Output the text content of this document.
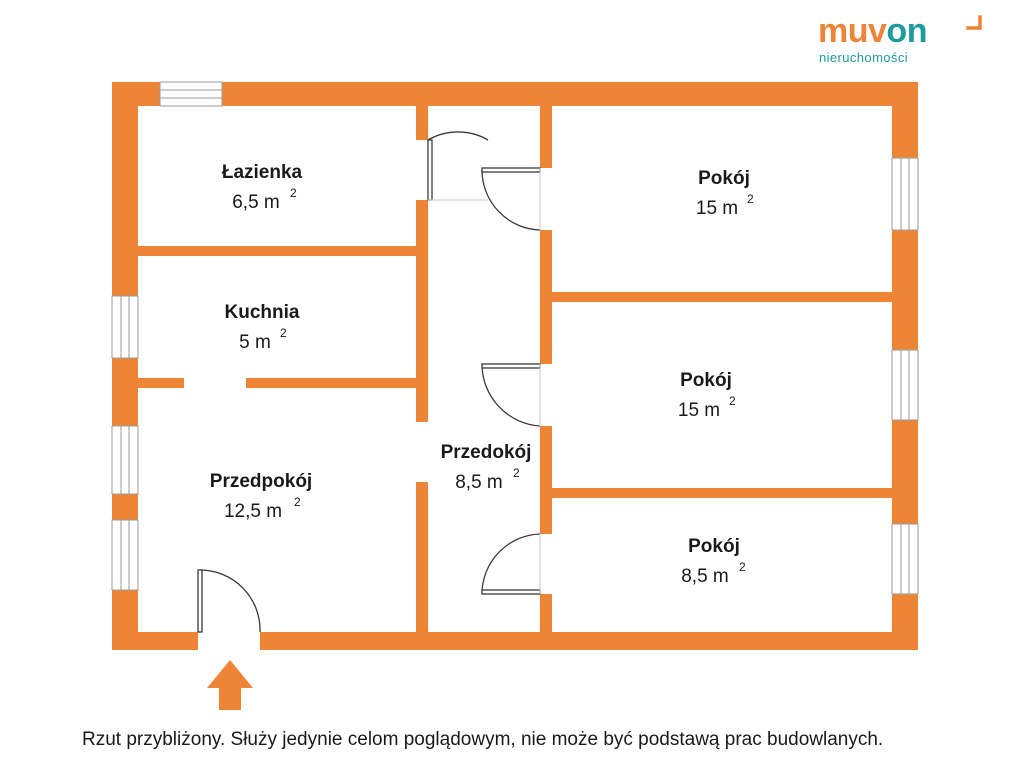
Łazienka
6,5 m 2
Kuchnia
5 m 2
Przedpokój
12,5 m 2
Przedokój
8,5 m 2
Pokój
15 m 2
Pokój
15 m 2
Pokój
8,5 m 2
muvon
nieruchomości
Rzut przybliżony. Służy jedynie celom poglądowym, nie może być podstawą prac budowlanych.
